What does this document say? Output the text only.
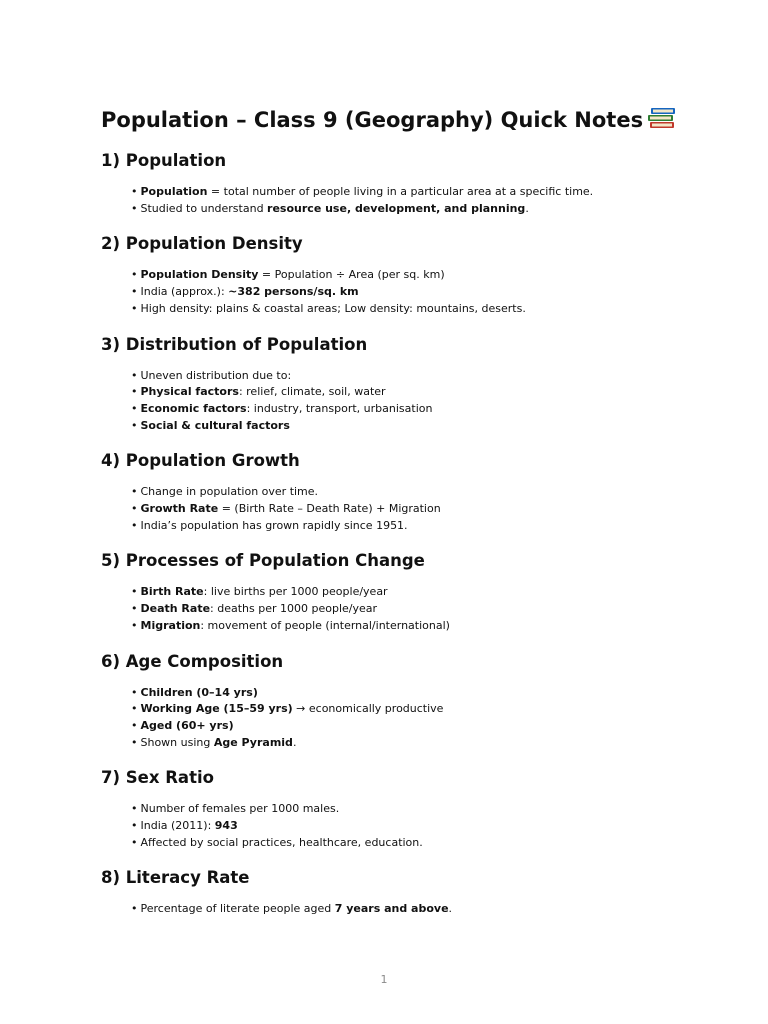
Population – Class 9 (Geography) Quick Notes
1) Population
• Population = total number of people living in a particular area at a specific time.
• Studied to understand resource use, development, and planning.
2) Population Density
• Population Density = Population ÷ Area (per sq. km)
• India (approx.): ~382 persons/sq. km
• High density: plains & coastal areas; Low density: mountains, deserts.
3) Distribution of Population
• Uneven distribution due to:
• Physical factors: relief, climate, soil, water
• Economic factors: industry, transport, urbanisation
• Social & cultural factors
4) Population Growth
• Change in population over time.
• Growth Rate = (Birth Rate – Death Rate) + Migration
• India’s population has grown rapidly since 1951.
5) Processes of Population Change
• Birth Rate: live births per 1000 people/year
• Death Rate: deaths per 1000 people/year
• Migration: movement of people (internal/international)
6) Age Composition
• Children (0–14 yrs)
• Working Age (15–59 yrs) → economically productive
• Aged (60+ yrs)
• Shown using Age Pyramid.
7) Sex Ratio
• Number of females per 1000 males.
• India (2011): 943
• Affected by social practices, healthcare, education.
8) Literacy Rate
• Percentage of literate people aged 7 years and above.
1
